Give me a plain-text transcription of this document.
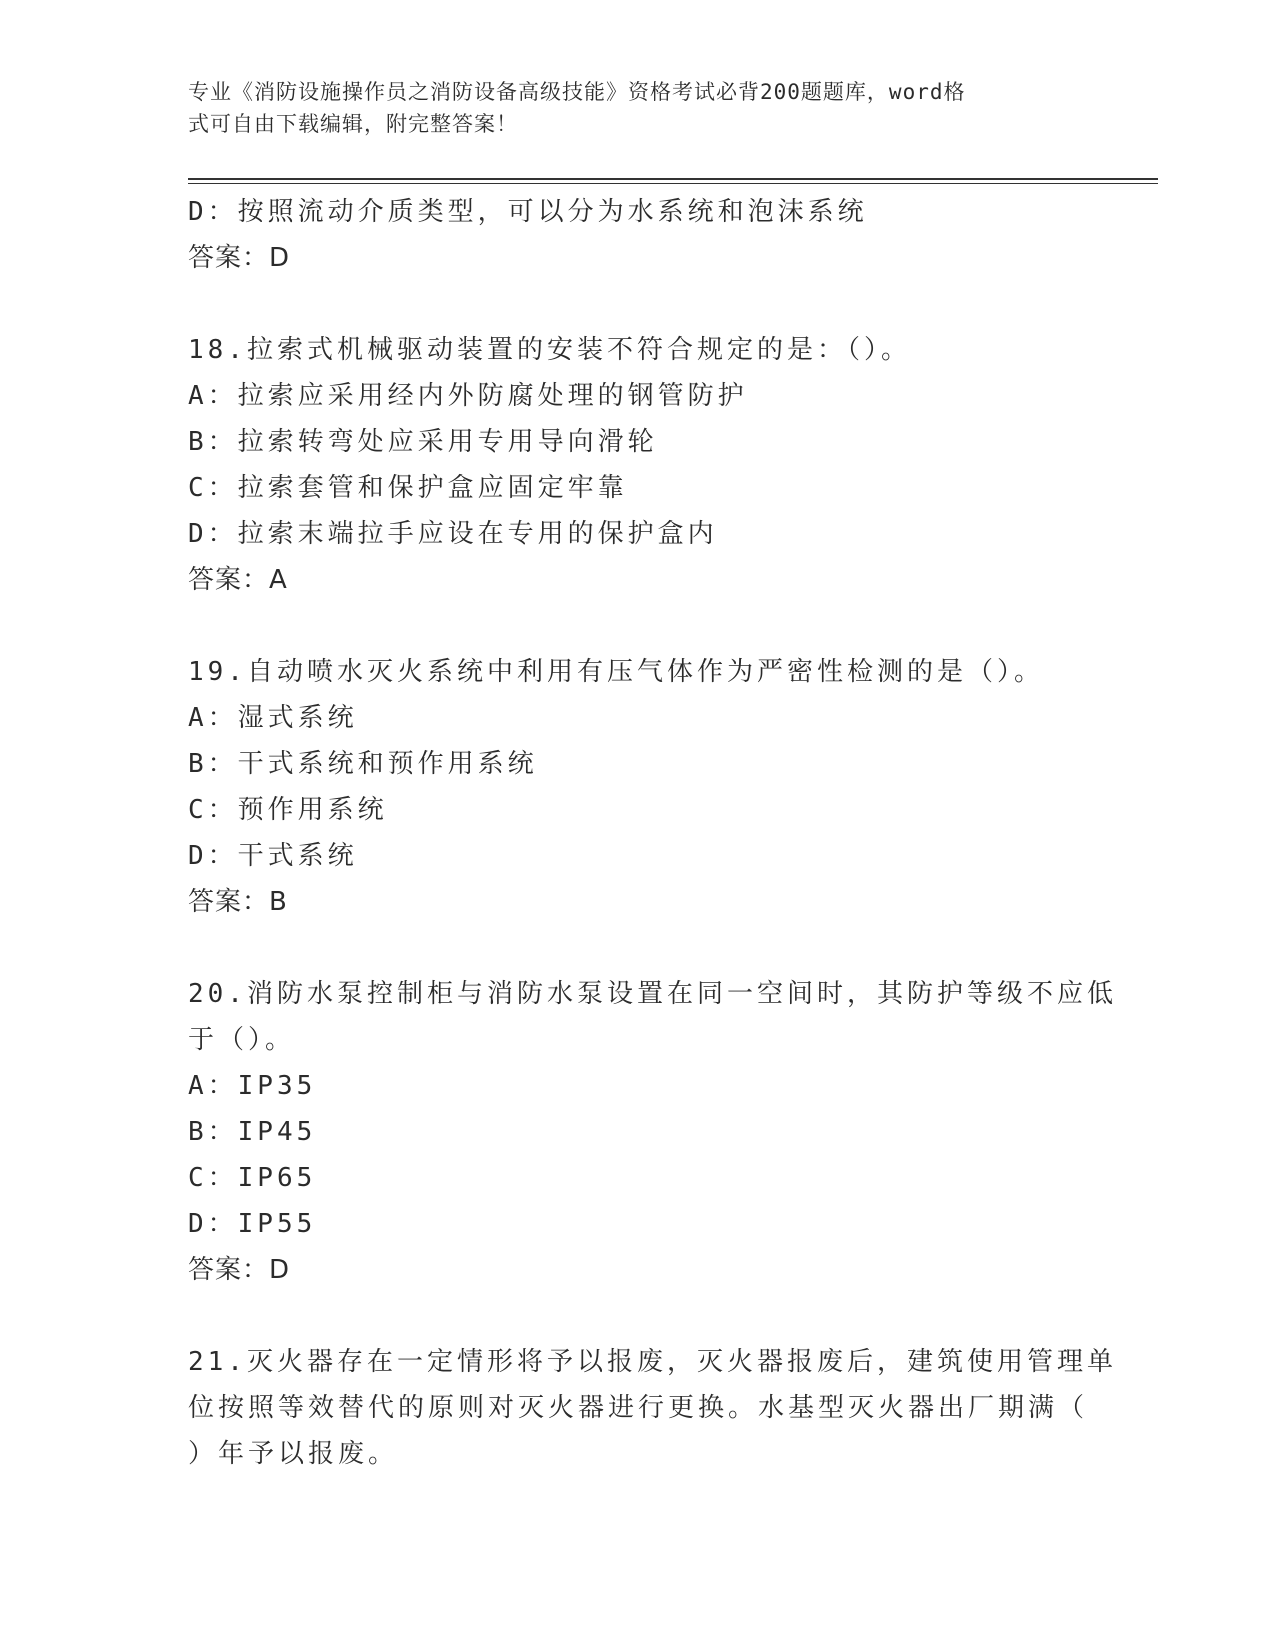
专业《消防设施操作员之消防设备高级技能》资格考试必背200题题库，word格
式可自由下载编辑，附完整答案！
D：按照流动介质类型，可以分为水系统和泡沫系统
答案：D
18.拉索式机械驱动装置的安装不符合规定的是：（）。
A：拉索应采用经内外防腐处理的钢管防护
B：拉索转弯处应采用专用导向滑轮
C：拉索套管和保护盒应固定牢靠
D：拉索末端拉手应设在专用的保护盒内
答案：A
19.自动喷水灭火系统中利用有压气体作为严密性检测的是（）。
A：湿式系统
B：干式系统和预作用系统
C：预作用系统
D：干式系统
答案：B
20.消防水泵控制柜与消防水泵设置在同一空间时，其防护等级不应低
于（）。
A：IP35
B：IP45
C：IP65
D：IP55
答案：D
21.灭火器存在一定情形将予以报废，灭火器报废后，建筑使用管理单
位按照等效替代的原则对灭火器进行更换。水基型灭火器出厂期满（
）年予以报废。
